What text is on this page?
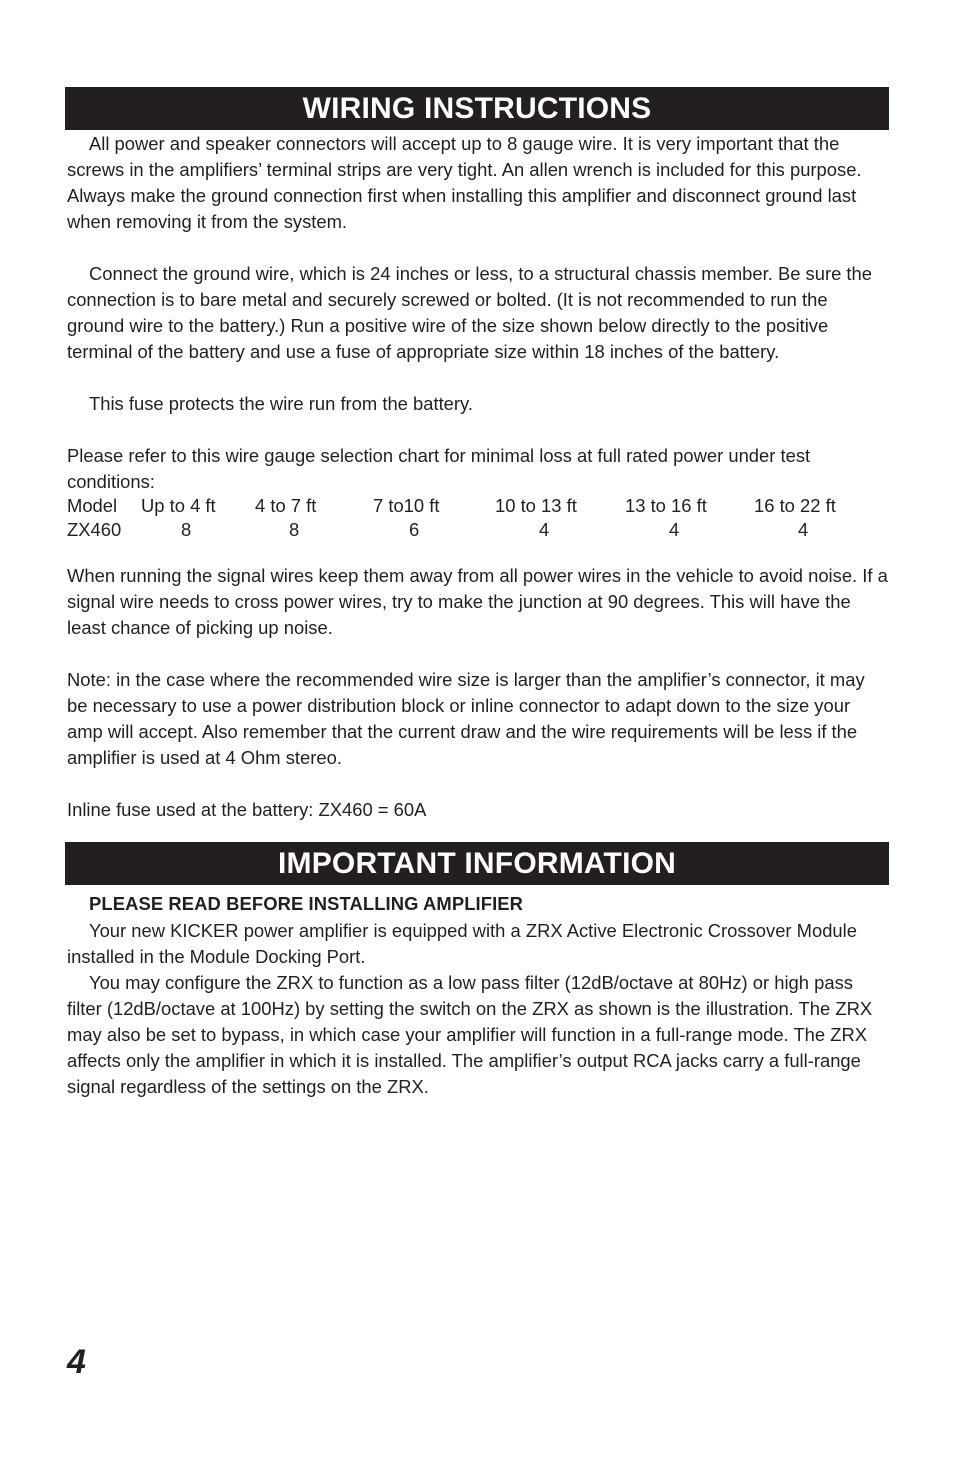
WIRING INSTRUCTIONS

All power and speaker connectors will accept up to 8 gauge wire. It is very important that the screws in the amplifiers’ terminal strips are very tight. An allen wrench is included for this purpose. Always make the ground connection first when installing this amplifier and disconnect ground last when removing it from the system.

Connect the ground wire, which is 24 inches or less, to a structural chassis member. Be sure the connection is to bare metal and securely screwed or bolted. (It is not recommended to run the ground wire to the battery.) Run a positive wire of the size shown below directly to the positive terminal of the battery and use a fuse of appropriate size within 18 inches of the battery.

This fuse protects the wire run from the battery.

Please refer to this wire gauge selection chart for minimal loss at full rated power under test conditions:

Model	Up to 4 ft	4 to 7 ft	7 to10 ft	10 to 13 ft	13 to 16 ft	16 to 22 ft
ZX460	8	8	6	4	4	4

When running the signal wires keep them away from all power wires in the vehicle to avoid noise. If a signal wire needs to cross power wires, try to make the junction at 90 degrees. This will have the least chance of picking up noise.

Note: in the case where the recommended wire size is larger than the amplifier’s connector, it may be necessary to use a power distribution block or inline connector to adapt down to the size your amp will accept. Also remember that the current draw and the wire requirements will be less if the amplifier is used at 4 Ohm stereo.

Inline fuse used at the battery: ZX460 = 60A

IMPORTANT INFORMATION
PLEASE READ BEFORE INSTALLING AMPLIFIER

Your new KICKER power amplifier is equipped with a ZRX Active Electronic Crossover Module installed in the Module Docking Port.

You may configure the ZRX to function as a low pass filter (12dB/octave at 80Hz) or high pass filter (12dB/octave at 100Hz) by setting the switch on the ZRX as shown is the illustration. The ZRX may also be set to bypass, in which case your amplifier will function in a full-range mode. The ZRX affects only the amplifier in which it is installed. The amplifier’s output RCA jacks carry a full-range signal regardless of the settings on the ZRX.

4
